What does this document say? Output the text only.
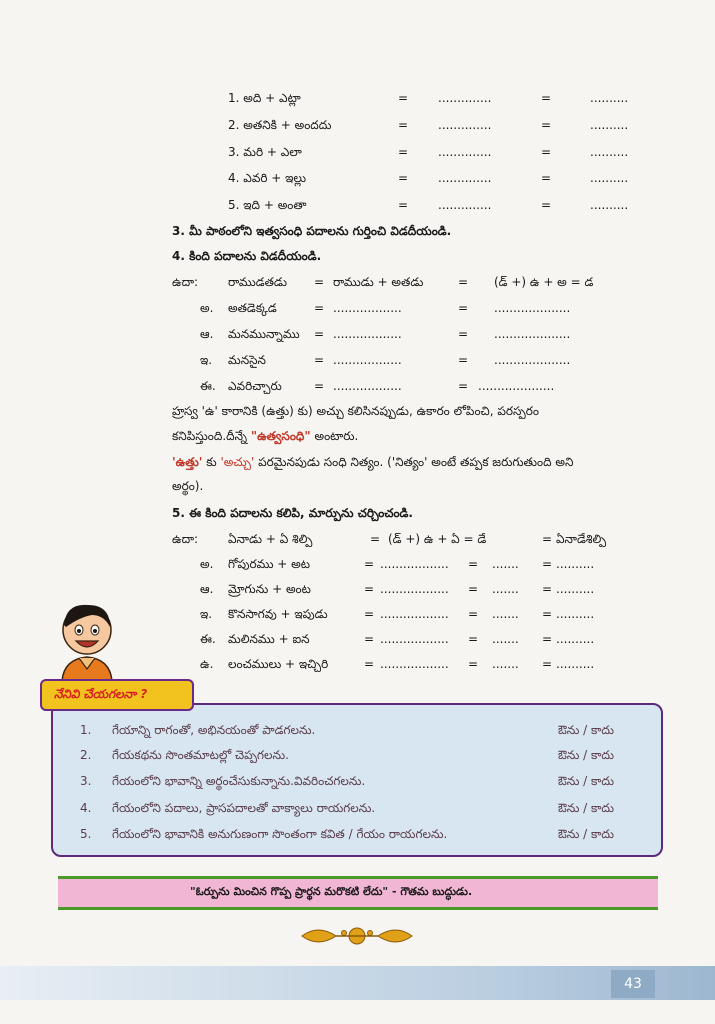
1. అది + ఎట్లా	= ..............	=	..........
2. అతనికి + అందదు	= ..............	=	..........
3. మరి + ఎలా	= ..............	=	..........
4. ఎవరి + ఇల్లు	= ..............	=	..........
5. ఇది + అంతా	= ..............	=	..........
3. మీ పాఠంలోని ఇత్వసంధి పదాలను గుర్తించి విడదీయండి.
4. కింది పదాలను విడదీయండి.
ఉదా: రాముడతడు = రాముడు + అతడు	= (డ్ +) ఉ + అ = డ
అ. అతడెక్కడ	= ..................	= ....................
ఆ. మనమున్నాము = ..................	= ....................
ఇ. మనసైన	= ..................	= ....................
ఈ. ఎవరిచ్చారు	= ..................	= ....................
హ్రస్వ 'ఉ' కారానికి (ఉత్తు) కు) అచ్చు కలిసినప్పుడు, ఉకారం లోపించి, పరస్పరం
కనిపిస్తుంది.దీన్నే "ఉత్వసంధి" అంటారు.
'ఉత్తు' కు 'అచ్చు' పరమైనపుడు సంధి నిత్యం. ('నిత్యం' అంటే తప్పక జరుగుతుంది అని
అర్థం).
5. ఈ కింది పదాలను కలిపి, మార్పును చర్చించండి.
ఉదా: ఏనాడు + ఏ శిల్పి	= (డ్ +) ఉ + ఏ = డే	= ఏనాడేశిల్పి
అ. గోపురము + అట	= .................. = ....... = ..........
ఆ. మ్రోగును + అంట	= .................. = ....... = ..........
ఇ. కొనసాగవు + ఇపుడు	= .................. = ....... = ..........
ఈ. మలినము + ఐన	= .................. = ....... = ..........
ఉ. లంచములు + ఇచ్చిరి	= .................. = ....... = ..........
నేనివి చేయగలనా ?
1. గేయాన్ని రాగంతో, అభినయంతో పాడగలను.	ఔను / కాదు
2. గేయకథను సొంతమాటల్లో చెప్పగలను.	ఔను / కాదు
3. గేయంలోని భావాన్ని అర్థంచేసుకున్నాను.వివరించగలను.	ఔను / కాదు
4. గేయంలోని పదాలు, ప్రాసపదాలతో వాక్యాలు రాయగలను.	ఔను / కాదు
5. గేయంలోని భావానికి అనుగుణంగా సొంతంగా కవిత / గేయం రాయగలను.	ఔను / కాదు
"ఓర్పును మించిన గొప్ప ప్రార్థన మరొకటి లేదు" - గౌతమ బుద్ధుడు.
43
